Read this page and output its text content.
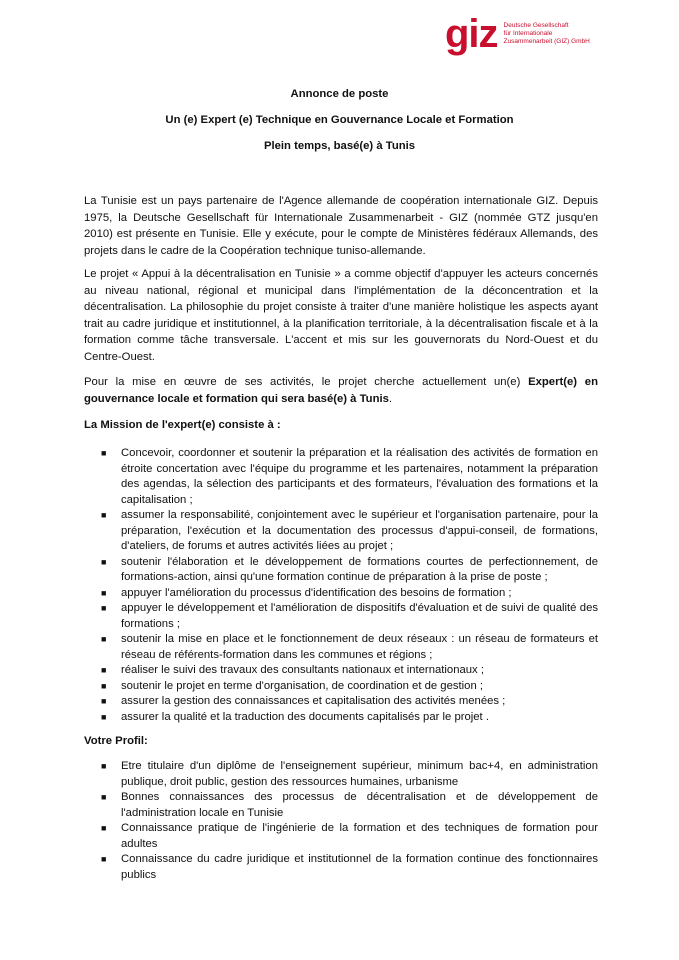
giz Deutsche Gesellschaft
für Internationale
Zusammenarbeit (GIZ) GmbH
Annonce de poste
Un (e) Expert (e) Technique en Gouvernance Locale et Formation
Plein temps, basé(e) à Tunis

La Tunisie est un pays partenaire de l'Agence allemande de coopération internationale GIZ. Depuis 1975, la Deutsche Gesellschaft für Internationale Zusammenarbeit - GIZ (nommée GTZ jusqu'en 2010) est présente en Tunisie. Elle y exécute, pour le compte de Ministères fédéraux Allemands, des projets dans le cadre de la Coopération technique tuniso-allemande.

Le projet « Appui à la décentralisation en Tunisie » a comme objectif d'appuyer les acteurs concernés au niveau national, régional et municipal dans l'implémentation de la déconcentration et la décentralisation. La philosophie du projet consiste à traiter d'une manière holistique les aspects ayant trait au cadre juridique et institutionnel, à la planification territoriale, à la décentralisation fiscale et à la formation comme tâche transversale. L'accent et mis sur les gouvernorats du Nord-Ouest et du Centre-Ouest.

Pour la mise en œuvre de ses activités, le projet cherche actuellement un(e) Expert(e) en gouvernance locale et formation qui sera basé(e) à Tunis.

La Mission de l'expert(e) consiste à :
■ Concevoir, coordonner et soutenir la préparation et la réalisation des activités de formation en étroite concertation avec l'équipe du programme et les partenaires, notamment la préparation des agendas, la sélection des participants et des formateurs, l'évaluation des formations et la capitalisation ;
■ assumer la responsabilité, conjointement avec le supérieur et l'organisation partenaire, pour la préparation, l'exécution et la documentation des processus d'appui-conseil, de formations, d'ateliers, de forums et autres activités liées au projet ;
■ soutenir l'élaboration et le développement de formations courtes de perfectionnement, de formations-action, ainsi qu'une formation continue de préparation à la prise de poste ;
■ appuyer l'amélioration du processus d'identification des besoins de formation ;
■ appuyer le développement et l'amélioration de dispositifs d'évaluation et de suivi de qualité des formations ;
■ soutenir la mise en place et le fonctionnement de deux réseaux : un réseau de formateurs et réseau de référents-formation dans les communes et régions ;
■ réaliser le suivi des travaux des consultants nationaux et internationaux ;
■ soutenir le projet en terme d'organisation, de coordination et de gestion ;
■ assurer la gestion des connaissances et capitalisation des activités menées ;
■ assurer la qualité et la traduction des documents capitalisés par le projet .
Votre Profil:
■ Etre titulaire d'un diplôme de l'enseignement supérieur, minimum bac+4, en administration publique, droit public, gestion des ressources humaines, urbanisme
■ Bonnes connaissances des processus de décentralisation et de développement de l'administration locale en Tunisie
■ Connaissance pratique de l'ingénierie de la formation et des techniques de formation pour adultes
■ Connaissance du cadre juridique et institutionnel de la formation continue des fonctionnaires publics
